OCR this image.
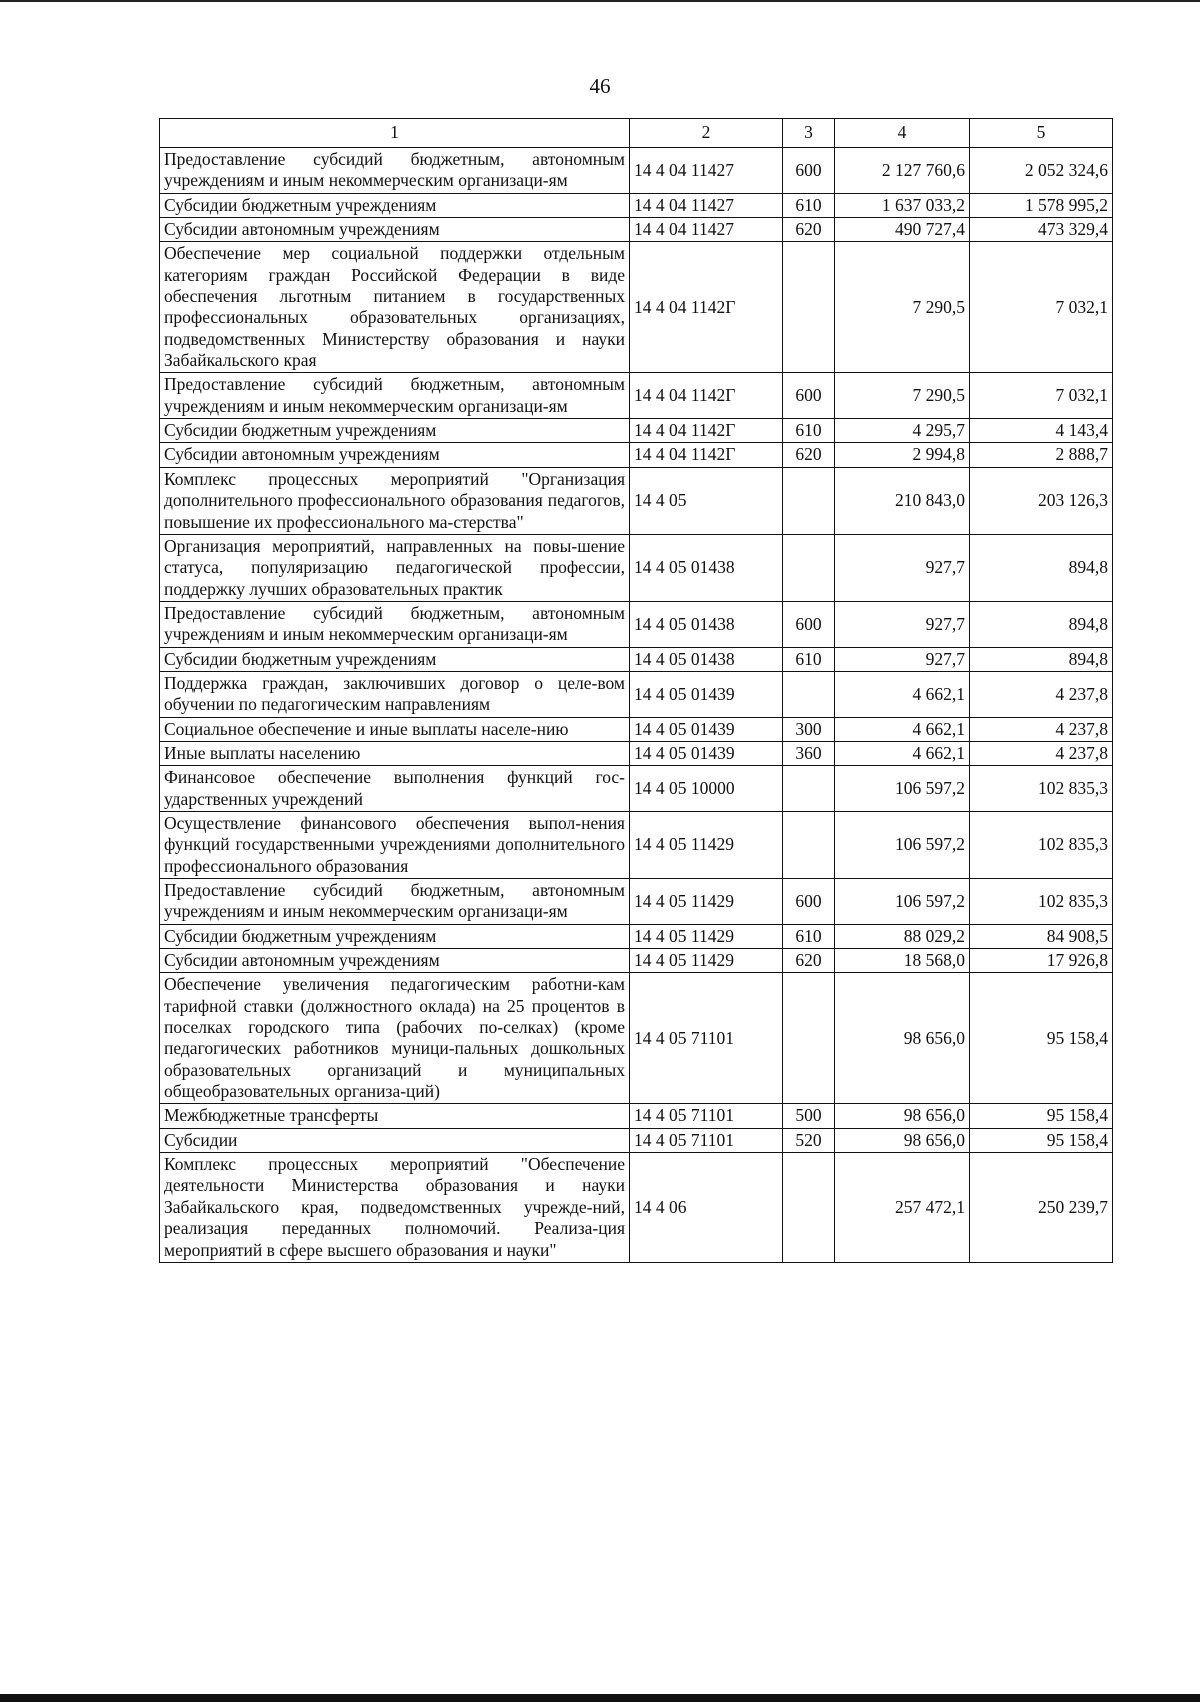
46
1	2	3	4	5
Предоставление субсидий бюджетным, автономным учреждениям и иным некоммерческим организаци-ям	14 4 04 11427	600	2 127 760,6	2 052 324,6
Субсидии бюджетным учреждениям	14 4 04 11427	610	1 637 033,2	1 578 995,2
Субсидии автономным учреждениям	14 4 04 11427	620	490 727,4	473 329,4
Обеспечение мер социальной поддержки отдельным категориям граждан Российской Федерации в виде обеспечения льготным питанием в государственных профессиональных образовательных организациях, подведомственных Министерству образования и науки Забайкальского края	14 4 04 1142Г		7 290,5	7 032,1
Предоставление субсидий бюджетным, автономным учреждениям и иным некоммерческим организаци-ям	14 4 04 1142Г	600	7 290,5	7 032,1
Субсидии бюджетным учреждениям	14 4 04 1142Г	610	4 295,7	4 143,4
Субсидии автономным учреждениям	14 4 04 1142Г	620	2 994,8	2 888,7
Комплекс процессных мероприятий "Организация дополнительного профессионального образования педагогов, повышение их профессионального ма-стерства"	14 4 05		210 843,0	203 126,3
Организация мероприятий, направленных на повы-шение статуса, популяризацию педагогической профессии, поддержку лучших образовательных практик	14 4 05 01438		927,7	894,8
Предоставление субсидий бюджетным, автономным учреждениям и иным некоммерческим организаци-ям	14 4 05 01438	600	927,7	894,8
Субсидии бюджетным учреждениям	14 4 05 01438	610	927,7	894,8
Поддержка граждан, заключивших договор о целе-вом обучении по педагогическим направлениям	14 4 05 01439		4 662,1	4 237,8
Социальное обеспечение и иные выплаты населе-нию	14 4 05 01439	300	4 662,1	4 237,8
Иные выплаты населению	14 4 05 01439	360	4 662,1	4 237,8
Финансовое обеспечение выполнения функций гос-ударственных учреждений	14 4 05 10000		106 597,2	102 835,3
Осуществление финансового обеспечения выпол-нения функций государственными учреждениями дополнительного профессионального образования	14 4 05 11429		106 597,2	102 835,3
Предоставление субсидий бюджетным, автономным учреждениям и иным некоммерческим организаци-ям	14 4 05 11429	600	106 597,2	102 835,3
Субсидии бюджетным учреждениям	14 4 05 11429	610	88 029,2	84 908,5
Субсидии автономным учреждениям	14 4 05 11429	620	18 568,0	17 926,8
Обеспечение увеличения педагогическим работни-кам тарифной ставки (должностного оклада) на 25 процентов в поселках городского типа (рабочих по-селках) (кроме педагогических работников муници-пальных дошкольных образовательных организаций и муниципальных общеобразовательных организа-ций)	14 4 05 71101		98 656,0	95 158,4
Межбюджетные трансферты	14 4 05 71101	500	98 656,0	95 158,4
Субсидии	14 4 05 71101	520	98 656,0	95 158,4
Комплекс процессных мероприятий "Обеспечение деятельности Министерства образования и науки Забайкальского края, подведомственных учрежде-ний, реализация переданных полномочий. Реализа-ция мероприятий в сфере высшего образования и науки"	14 4 06		257 472,1	250 239,7
